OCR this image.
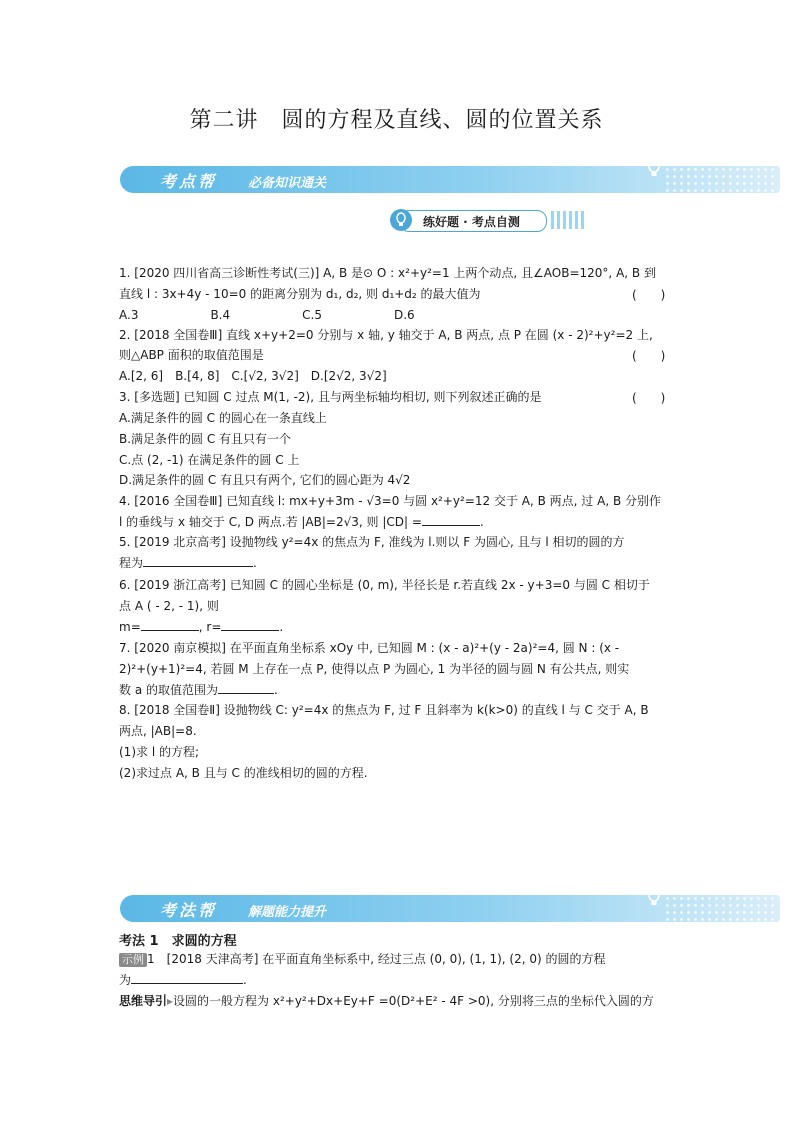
第二讲　圆的方程及直线、圆的位置关系
考点帮 必备知识通关
练好题 · 考点自测
1. [2020 四川省高三诊断性考试(三)] A, B 是⊙ O : x²+y²=1 上两个动点, 且∠AOB=120°, A, B 到
直线 l : 3x+4y - 10=0 的距离分别为 d₁, d₂, 则 d₁+d₂ 的最大值为	(　　)
A.3　　　　　　B.4　　　　　　C.5　　　　　　D.6
2. [2018 全国卷Ⅲ] 直线 x+y+2=0 分别与 x 轴, y 轴交于 A, B 两点, 点 P 在圆 (x - 2)²+y²=2 上,
则△ABP 面积的取值范围是	(　　)
A.[2, 6]　B.[4, 8]　C.[√2, 3√2]　D.[2√2, 3√2]
3. [多选题] 已知圆 C 过点 M(1, -2), 且与两坐标轴均相切, 则下列叙述正确的是	(　　)
A.满足条件的圆 C 的圆心在一条直线上
B.满足条件的圆 C 有且只有一个
C.点 (2, -1) 在满足条件的圆 C 上
D.满足条件的圆 C 有且只有两个, 它们的圆心距为 4√2
4. [2016 全国卷Ⅲ] 已知直线 l: mx+y+3m - √3=0 与圆 x²+y²=12 交于 A, B 两点, 过 A, B 分别作
l 的垂线与 x 轴交于 C, D 两点.若 |AB|=2√3, 则 |CD| =	.
5. [2019 北京高考] 设抛物线 y²=4x 的焦点为 F, 准线为 l.则以 F 为圆心, 且与 l 相切的圆的方
程为	.
6. [2019 浙江高考] 已知圆 C 的圆心坐标是 (0, m), 半径长是 r.若直线 2x - y+3=0 与圆 C 相切于
点 A ( - 2, - 1), 则
m=	, r=	.
7. [2020 南京模拟] 在平面直角坐标系 xOy 中, 已知圆 M : (x - a)²+(y - 2a)²=4, 圆 N : (x -
2)²+(y+1)²=4, 若圆 M 上存在一点 P, 使得以点 P 为圆心, 1 为半径的圆与圆 N 有公共点, 则实
数 a 的取值范围为	.
8. [2018 全国卷Ⅱ] 设抛物线 C: y²=4x 的焦点为 F, 过 F 且斜率为 k(k>0) 的直线 l 与 C 交于 A, B
两点, |AB|=8.
(1)求 l 的方程;
(2)求过点 A, B 且与 C 的准线相切的圆的方程.
考法帮 解题能力提升
考法 1　求圆的方程
示例 1　 [2018 天津高考] 在平面直角坐标系中, 经过三点 (0, 0), (1, 1), (2, 0) 的圆的方程
为	.
思维导引▸设圆的一般方程为 x²+y²+Dx+Ey+F =0(D²+E² - 4F >0), 分别将三点的坐标代入圆的方
